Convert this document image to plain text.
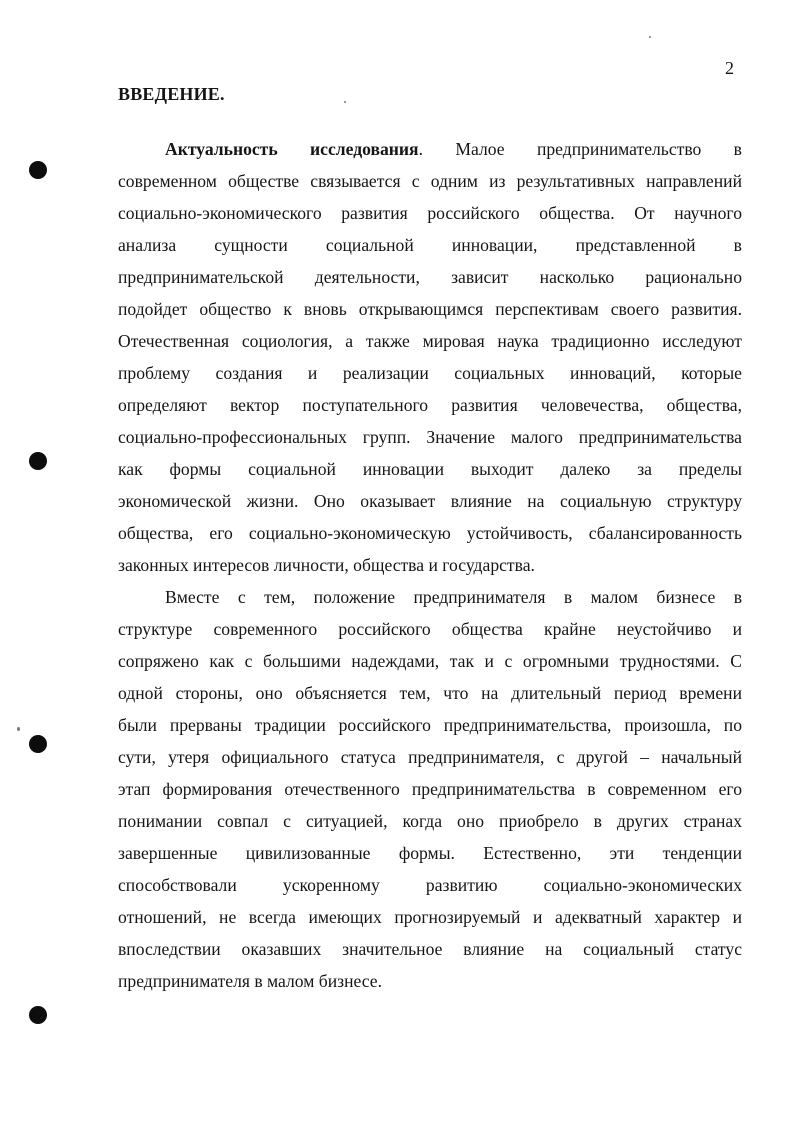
2
ВВЕДЕНИЕ.
Актуальность исследования. Малое предпринимательство в
современном обществе связывается с одним из результативных направлений
социально-экономического развития российского общества. От научного
анализа сущности социальной инновации, представленной в
предпринимательской деятельности, зависит насколько рационально
подойдет общество к вновь открывающимся перспективам своего развития.
Отечественная социология, а также мировая наука традиционно исследуют
проблему создания и реализации социальных инноваций, которые
определяют вектор поступательного развития человечества, общества,
социально-профессиональных групп. Значение малого предпринимательства
как формы социальной инновации выходит далеко за пределы
экономической жизни. Оно оказывает влияние на социальную структуру
общества, его социально-экономическую устойчивость, сбалансированность
законных интересов личности, общества и государства.
Вместе с тем, положение предпринимателя в малом бизнесе в
структуре современного российского общества крайне неустойчиво и
сопряжено как с большими надеждами, так и с огромными трудностями. С
одной стороны, оно объясняется тем, что на длительный период времени
были прерваны традиции российского предпринимательства, произошла, по
сути, утеря официального статуса предпринимателя, с другой – начальный
этап формирования отечественного предпринимательства в современном его
понимании совпал с ситуацией, когда оно приобрело в других странах
завершенные цивилизованные формы. Естественно, эти тенденции
способствовали ускоренному развитию социально-экономических
отношений, не всегда имеющих прогнозируемый и адекватный характер и
впоследствии оказавших значительное влияние на социальный статус
предпринимателя в малом бизнесе.
